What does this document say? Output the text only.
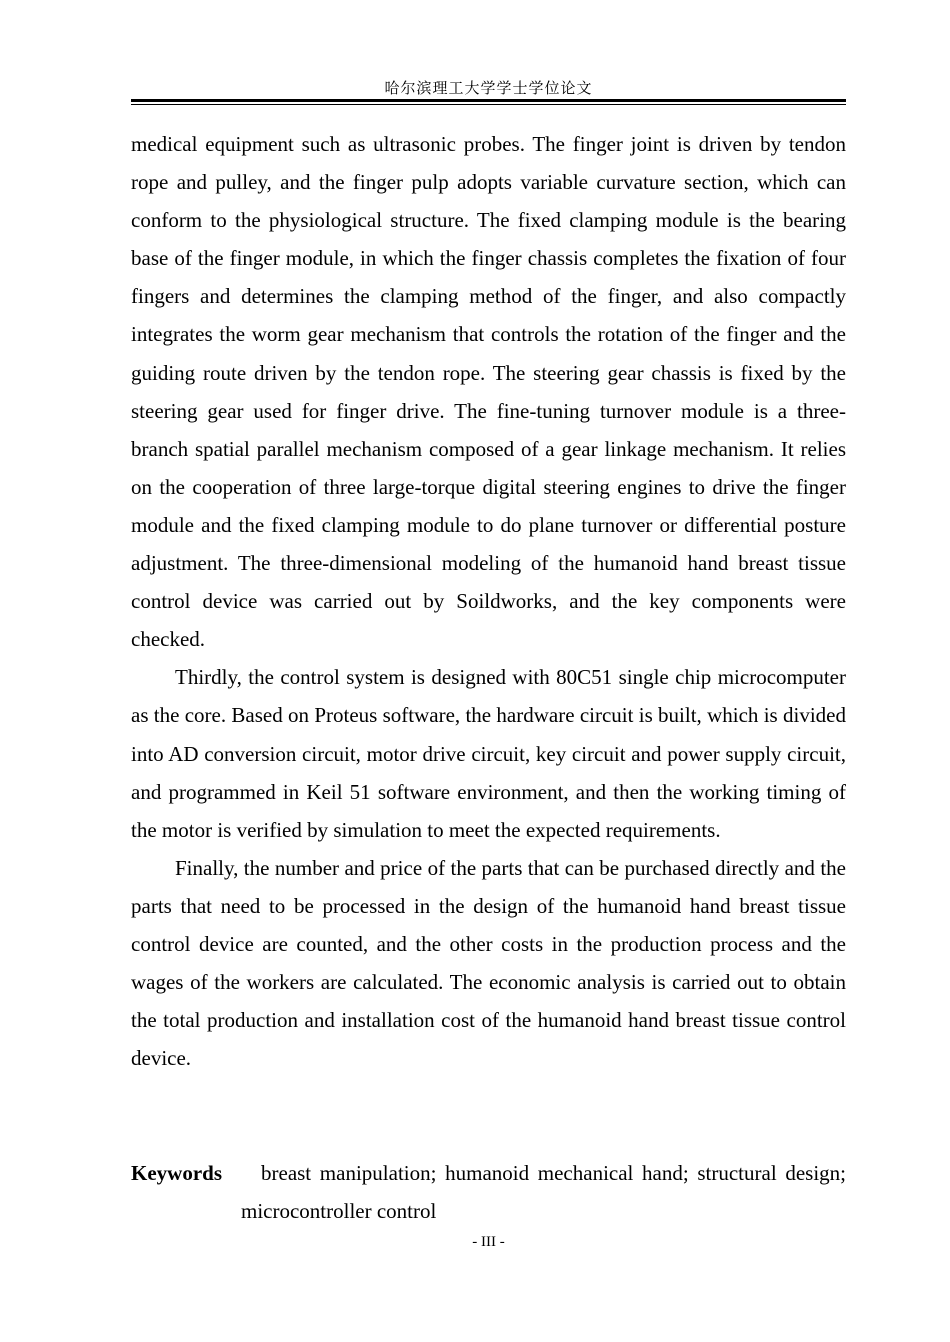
哈尔滨理工大学学士学位论文

medical equipment such as ultrasonic probes. The finger joint is driven by tendon rope and pulley, and the finger pulp adopts variable curvature section, which can conform to the physiological structure. The fixed clamping module is the bearing base of the finger module, in which the finger chassis completes the fixation of four fingers and determines the clamping method of the finger, and also compactly integrates the worm gear mechanism that controls the rotation of the finger and the guiding route driven by the tendon rope. The steering gear chassis is fixed by the steering gear used for finger drive. The fine-tuning turnover module is a three-branch spatial parallel mechanism composed of a gear linkage mechanism. It relies on the cooperation of three large-torque digital steering engines to drive the finger module and the fixed clamping module to do plane turnover or differential posture adjustment. The three-dimensional modeling of the humanoid hand breast tissue control device was carried out by Soildworks, and the key components were checked.

Thirdly, the control system is designed with 80C51 single chip microcomputer as the core. Based on Proteus software, the hardware circuit is built, which is divided into AD conversion circuit, motor drive circuit, key circuit and power supply circuit, and programmed in Keil 51 software environment, and then the working timing of the motor is verified by simulation to meet the expected requirements.

Finally, the number and price of the parts that can be purchased directly and the parts that need to be processed in the design of the humanoid hand breast tissue control device are counted, and the other costs in the production process and the wages of the workers are calculated. The economic analysis is carried out to obtain the total production and installation cost of the humanoid hand breast tissue control device.

Keywords	breast manipulation; humanoid mechanical hand; structural design; microcontroller control
- III -
